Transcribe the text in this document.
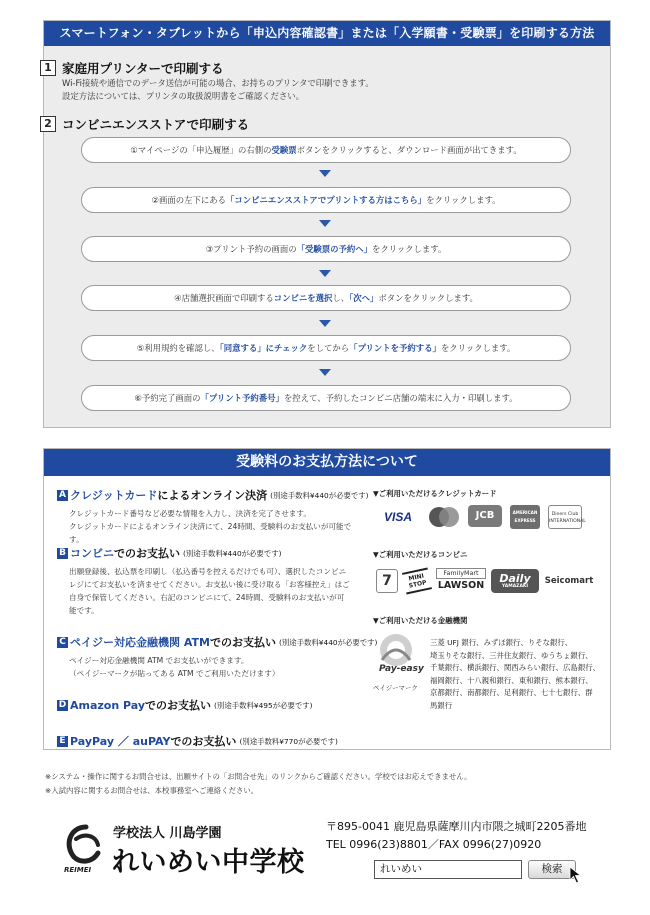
スマートフォン・タブレットから「申込内容確認書」または「入学願書・受験票」を印刷する方法
1 家庭用プリンターで印刷する
Wi-Fi接続や通信でのデータ送信が可能の場合、お持ちのプリンタで印刷できます。
設定方法については、プリンタの取扱説明書をご確認ください。
2 コンビニエンスストアで印刷する
①マイページの「申込履歴」の右側の受験票ボタンをクリックすると、ダウンロード画面が出てきます。
②画面の左下にある「コンビニエンスストアでプリントする方はこちら」をクリックします。
③プリント予約の画面の「受験票の予約へ」をクリックします。
④店舗選択画面で印刷するコンビニを選択し、「次へ」ボタンをクリックします。
⑤利用規約を確認し、「同意する」にチェックをしてから「プリントを予約する」をクリックします。
⑥予約完了画面の「プリント予約番号」を控えて、予約したコンビニ店舗の端末に入力・印刷します。
受験料のお支払方法について
A クレジットカード によるオンライン決済 (別途手数料¥440が必要です)
クレジットカード番号など必要な情報を入力し、決済を完了させます。
クレジットカードによるオンライン決済にて、24時間、受験料のお支払いが可能です。
B コンビニ でのお支払い (別途手数料¥440が必要です)
出願登録後、払込票を印刷し（払込番号を控えるだけでも可）、選択したコンビニ
レジにてお支払いを済ませてください。お支払い後に受け取る「お客様控え」はご
自身で保管してください。右記のコンビニにて、24時間、受験料のお支払いが可
能です。
C ペイジー対応金融機関 ATM でのお支払い (別途手数料¥440が必要です)
ペイジー対応金融機関 ATM でお支払いができます。
（ペイジーマークが貼ってある ATM でご利用いただけます）
D Amazon Pay でのお支払い (別途手数料¥495が必要です)
E PayPay ／ auPAY でのお支払い (別途手数料¥770が必要です)
▼ご利用いただけるクレジットカード
VISA	JCB	AMERICAN EXPRESS
Diners Club INTERNATIONAL
▼ご利用いただけるコンビニ
7	MINI STOP
FamilyMart
LAWSON
Daily
YAMAZAKI
Seicomart
▼ご利用いただける金融機関
Pay-easy
ペイジーマーク
三菱 UFJ 銀行、みずほ銀行、りそな銀行、
埼玉りそな銀行、三井住友銀行、ゆうちょ銀行、
千葉銀行、横浜銀行、関西みらい銀行、広島銀行、
福岡銀行、十八親和銀行、東和銀行、熊本銀行、
京都銀行、南都銀行、足利銀行、七十七銀行、群
馬銀行
※システム・操作に関するお問合せは、出願サイトの「お問合せ先」のリンクからご確認ください。学校ではお応えできません。
※入試内容に関するお問合せは、本校事務室へご連絡ください。
REIMEI
学校法人 川島学園
れいめい中学校
〒895-0041 鹿児島県薩摩川内市隈之城町2205番地
TEL 0996(23)8801／FAX 0996(27)0920
れいめい	検索
